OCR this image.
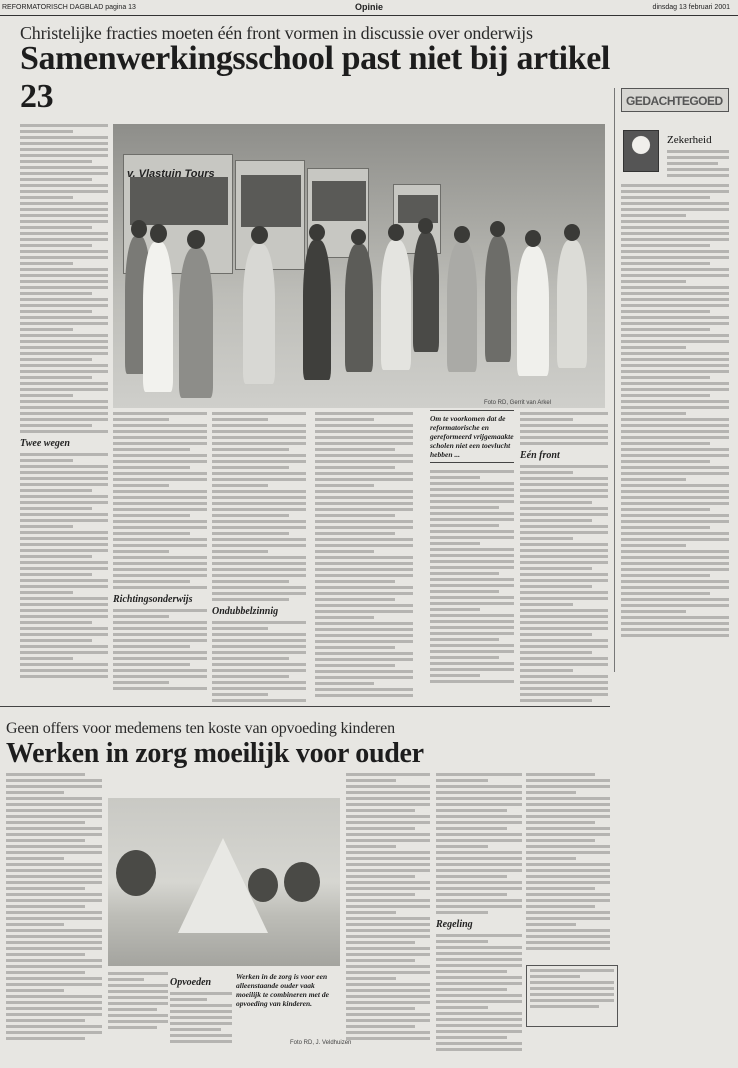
REFORMATORISCH DAGBLAD pagina 13	Opinie	dinsdag 13 februari 2001
Christelijke fracties moeten één front vormen in discussie over onderwijs
Samenwerkingsschool past niet bij artikel 23
Twee wegen
v. Vlastuin Tours
Richtingsonderwijs
Ondubbelzinnig
Om te voorkomen dat de reformatorische en gereformeerd vrijgemaakte scholen niet een toevlucht hebben ...
Foto RD, Gerrit van Arkel
Eén front
GEDACHTEGOED
Zekerheid
Geen offers voor medemens ten koste van opvoeding kinderen
Werken in zorg moeilijk voor ouder
Opvoeden
Werken in de zorg is voor een alleenstaande ouder vaak moeilijk te combineren met de opvoeding van kinderen.
Foto RD, J. Veldhuizen
Regeling
